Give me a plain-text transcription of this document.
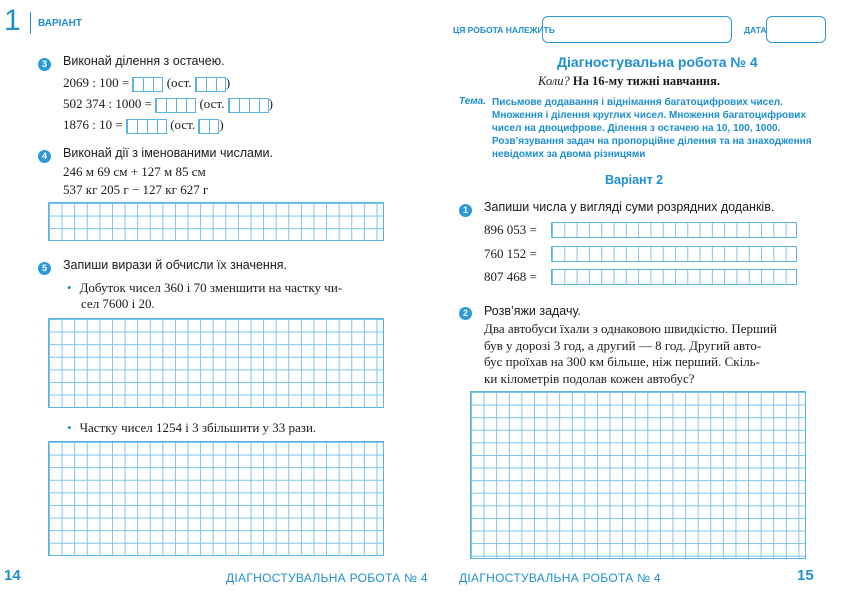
1 ВАРІАНТ
3	Виконай ділення з остачею.
2069 : 100 =	(ост.	)
502 374 : 1000 =	(ост.	)
1876 : 10 =	(ост. )
4	Виконай дії з іменованими числами.
246 м 69 см + 127 м 85 см
537 кг 205 г − 127 кг 627 г
5	Запиши вирази й обчисли їх значення.
• Добуток чисел 360 і 70 зменшити на частку чи-
сел 7600 і 20.
• Частку чисел 1254 і 3 збільшити у 33 рази.
14	ДІАГНОСТУВАЛЬНА РОБОТА № 4
ЦЯ РОБОТА НАЛЕЖИТЬ	ДАТА
Діагностувальна робота № 4
Коли? На 16-му тижні навчання.
Тема. Письмове додавання і віднімання багатоцифрових чисел.
Множення і ділення круглих чисел. Множення багатоцифрових
чисел на двоцифрове. Ділення з остачею на 10, 100, 1000.
Розв’язування задач на пропорційне ділення та на знаходження
невідомих за двома різницями
Варіант 2
1	Запиши числа у вигляді суми розрядних доданків.
896 053 =
760 152 =
807 468 =
2	Розв’яжи задачу.
Два автобуси їхали з однаковою швидкістю. Перший
був у дорозі 3 год, а другий — 8 год. Другий авто-
бус проїхав на 300 км більше, ніж перший. Скіль-
ки кілометрів подолав кожен автобус?
ДІАГНОСТУВАЛЬНА РОБОТА № 4	15
